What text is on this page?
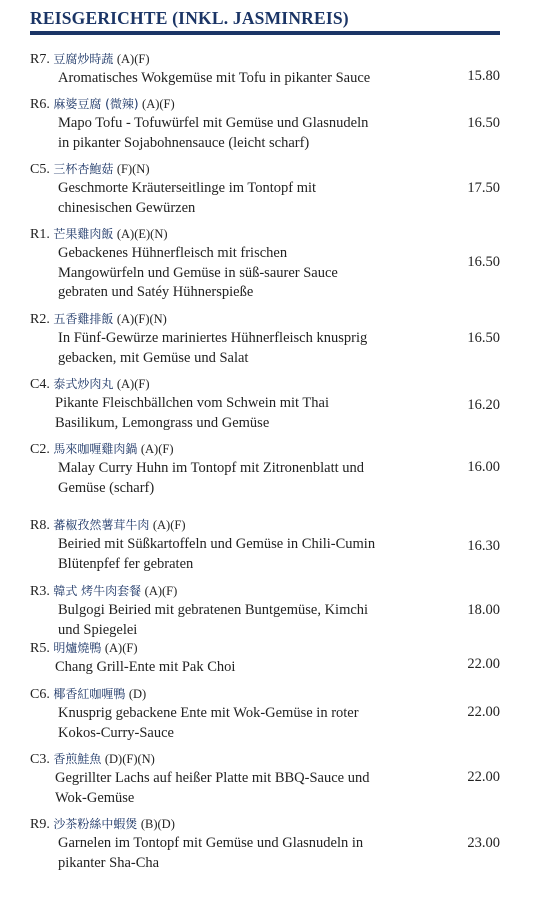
REISGERICHTE (INKL. JASMINREIS)
R7. 豆腐炒時蔬 (A)(F)
Aromatisches Wokgemüse mit Tofu in pikanter Sauce	15.80
R6. 麻婆豆腐 (微辣) (A)(F)
Mapo Tofu - Tofuwürfel mit Gemüse und Glasnudeln
in pikanter Sojabohnensauce (leicht scharf)
16.50
C5. 三杯杏鮑菇 (F)(N)
Geschmorte Kräuterseitlinge im Tontopf mit
chinesischen Gewürzen
17.50
R1. 芒果雞肉飯 (A)(E)(N)
Gebackenes Hühnerfleisch mit frischen
Mangowürfeln und Gemüse in süß-saurer Sauce
gebraten und Satéy Hühnerspieße
16.50
R2. 五香雞排飯 (A)(F)(N)
In Fünf-Gewürze mariniertes Hühnerfleisch knusprig
gebacken, mit Gemüse und Salat
16.50
C4. 泰式炒肉丸 (A)(F)
Pikante Fleischbällchen vom Schwein mit Thai
Basilikum, Lemongrass und Gemüse
16.20
C2. 馬來咖喱雞肉鍋 (A)(F)
Malay Curry Huhn im Tontopf mit Zitronenblatt und
Gemüse (scharf)
16.00
R8. 蕃椒孜然薯茸牛肉 (A)(F)
Beiried mit Süßkartoffeln und Gemüse in Chili-Cumin
Blütenpfef fer gebraten
16.30
R3. 韓式 烤牛肉套餐 (A)(F)
Bulgogi Beiried mit gebratenen Buntgemüse, Kimchi
und Spiegelei
18.00
R5. 明爐燒鴨 (A)(F)
Chang Grill-Ente mit Pak Choi	22.00
C6. 椰香紅咖喱鴨 (D)
Knusprig gebackene Ente mit Wok-Gemüse in roter
Kokos-Curry-Sauce
22.00
C3. 香煎鮭魚 (D)(F)(N)
Gegrillter Lachs auf heißer Platte mit BBQ-Sauce und
Wok-Gemüse
22.00
R9. 沙茶粉絲中蝦煲 (B)(D)
Garnelen im Tontopf mit Gemüse und Glasnudeln in
pikanter Sha-Cha
23.00
